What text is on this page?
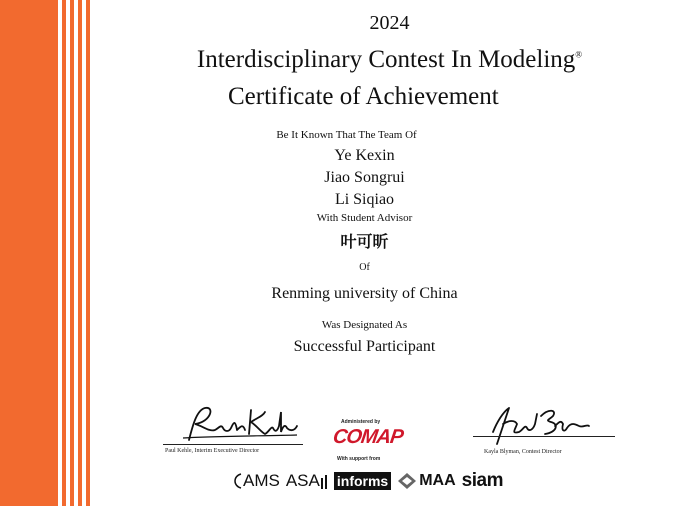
2024
Interdisciplinary Contest In Modeling®
Certificate of Achievement
Be It Known That The Team Of
Ye Kexin
Jiao Songrui
Li Siqiao
With Student Advisor
叶可昕
Of
Renming university of China
Was Designated As
Successful Participant
Paul Kehle, Interim Executive Director	Kayla Blyman, Contest Director
Administered by
COMAP
With support from
AMS ASA informs MAA siam
